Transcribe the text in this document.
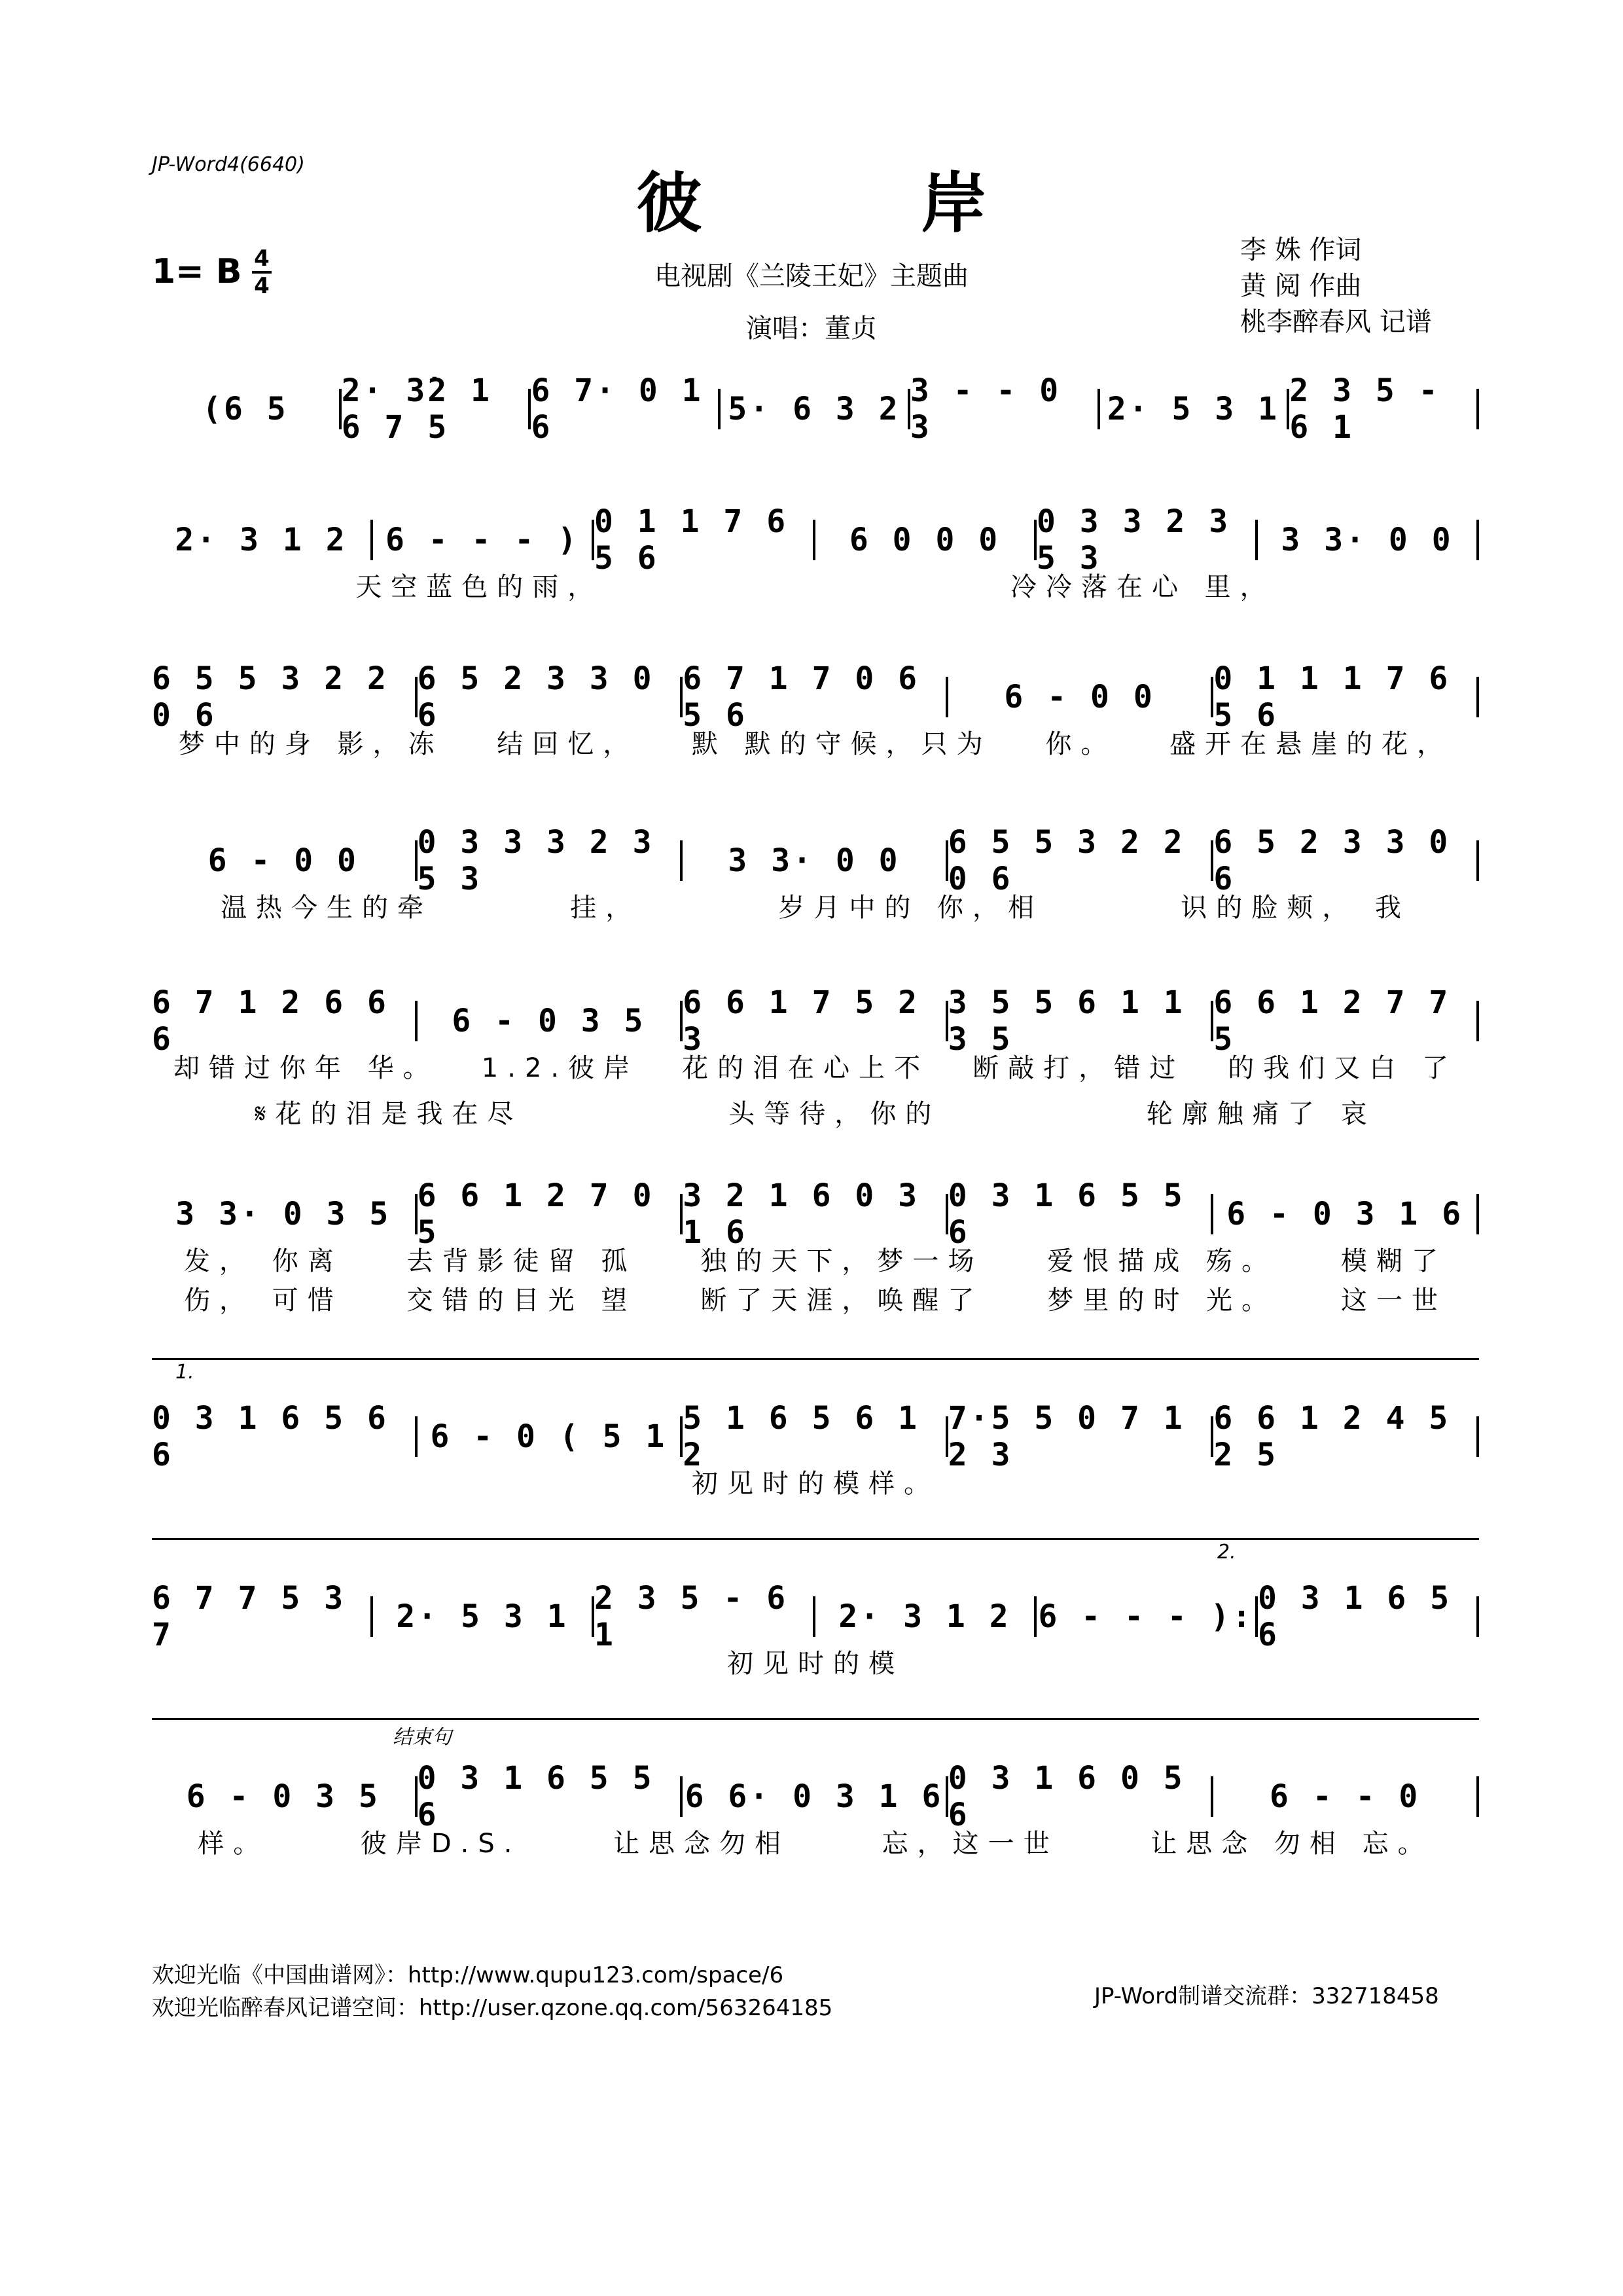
JP-Word4(6640)
彼 岸
1= B 4
4	电视剧《兰陵王妃》主题曲
演唱：董贞
李 姝 作词
黄 阅 作曲
桃李醉春风 记谱
(6 5	2· 3̇2 1 6 7 5
6 7· 0 1 6	5· 6 3 2 3 - - 0 3	2· 5 3 1 2 3 5 - 6 1
2· 3 1 2	6 - - - ) 0 1 1 7 6 5 6	6 0 0 0	0 3 3 2 3 5 3	3 3· 0 0
天空蓝色的雨，	冷冷落在心 里，
6 5 5 3 2 2 0 6
6 5 2 3 3 0 6
6 7 1 7 0 6 5 6	6 - 0 0	0 1 1 1 7 6 5 6
梦中的身 影，冻 结回忆， 默 默的守候，只为 你。 盛开在悬崖的花，
6 - 0 0	0 3 3 3 2 3 5 3	3 3· 0 0	6 5 5 3 2 2 0 6
6 5 2 3 3 0 6
温热今生的牵	挂，	岁月中的 你，相	识的脸颊， 我
6 7 1 2 6 6 6	6 - 0 3 5	6 6 1 7 5 2 3
3 5 5 6 1 1 3 5
6 6 1 2 7 7 5
却错过你年 华。 1.2.彼岸 花的泪在心上不 断敲打，错过 的我们又白 了
𝄋花的泪是我在尽	头等待，你的	轮廓触痛了 哀
3 3· 0 3 5 6 6 1 2 7 0 5
3 2 1 6 0 3 1 6
0 3 1 6 5 5 6	6 - 0 3 1 6
发， 你离 去背影徒留 孤 独的天下，梦一场 爱恨描成 殇。 模糊了
伤， 可惜 交错的目光 望 断了天涯，唤醒了 梦里的时 光。 这一世
1.
0 3 1 6 5 6 6	6 - 0 ( 5 1 5 1 6 5 6 1 2
7·5 5 0 7 1 2 3
6 6 1 2 4 5 2 5
初见时的模样。
2.
6 7 7 5 3 7	2· 5 3 1 2 3 5 - 6 1	2· 3 1 2 6 - - - ): 0 3 1 6 5 6
初见时的模
结束句
6 - 0 3 5	0 3 1 6 5 5 6	6 6· 0 3 1 6 0 3 1 6 0 5 6	6 - - 0
样。	彼岸D.S.	让思念勿相	忘，这一世	让思念 勿相 忘。
欢迎光临《中国曲谱网》：http://www.qupu123.com/space/6
欢迎光临醉春风记谱空间：http://user.qzone.qq.com/563264185	JP-Word制谱交流群：332718458
